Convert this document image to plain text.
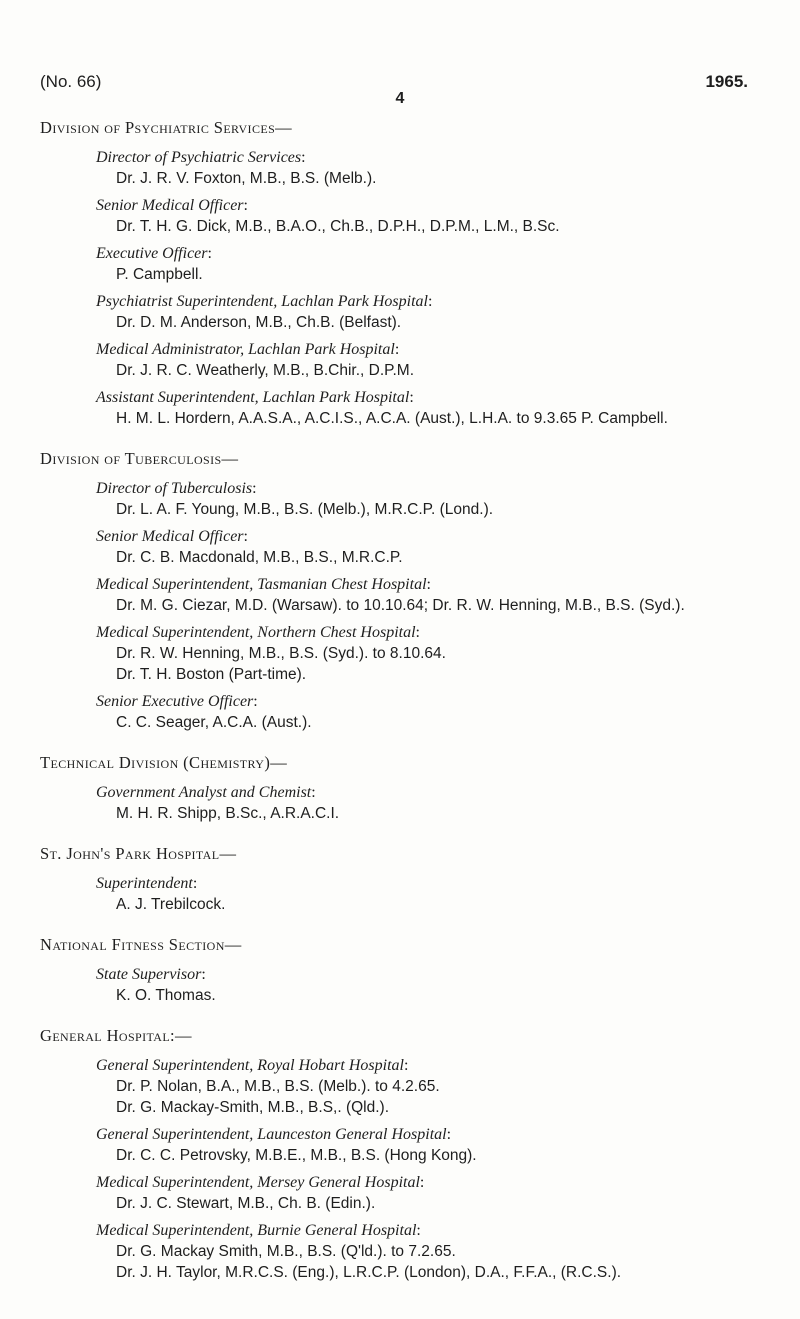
(No. 66)
4
1965.
Division of Psychiatric Services—
Director of Psychiatric Services :
Dr. J. R. V. Foxton, M.B., B.S. (Melb.).
Senior Medical Officer :
Dr. T. H. G. Dick, M.B., B.A.O., Ch.B., D.P.H., D.P.M., L.M., B.Sc.
Executive Officer :
P. Campbell.
Psychiatrist Superintendent, Lachlan Park Hospital :
Dr. D. M. Anderson, M.B., Ch.B. (Belfast).
Medical Administrator, Lachlan Park Hospital :
Dr. J. R. C. Weatherly, M.B., B.Chir., D.P.M.
Assistant Superintendent, Lachlan Park Hospital :
H. M. L. Hordern, A.A.S.A., A.C.I.S., A.C.A. (Aust.), L.H.A. to 9.3.65 P. Campbell.
Division of Tuberculosis—
Director of Tuberculosis :
Dr. L. A. F. Young, M.B., B.S. (Melb.), M.R.C.P. (Lond.).
Senior Medical Officer :
Dr. C. B. Macdonald, M.B., B.S., M.R.C.P.
Medical Superintendent, Tasmanian Chest Hospital :
Dr. M. G. Ciezar, M.D. (Warsaw). to 10.10.64; Dr. R. W. Henning, M.B., B.S. (Syd.).
Medical Superintendent, Northern Chest Hospital :
Dr. R. W. Henning, M.B., B.S. (Syd.). to 8.10.64.
Dr. T. H. Boston (Part-time).
Senior Executive Officer :
C. C. Seager, A.C.A. (Aust.).
Technical Division (Chemistry)—
Government Analyst and Chemist :
M. H. R. Shipp, B.Sc., A.R.A.C.I.
St. John's Park Hospital—
Superintendent :
A. J. Trebilcock.
National Fitness Section—
State Supervisor :
K. O. Thomas.
General Hospital:—
General Superintendent, Royal Hobart Hospital :
Dr. P. Nolan, B.A., M.B., B.S. (Melb.). to 4.2.65.
Dr. G. Mackay-Smith, M.B., B.S,. (Qld.).
General Superintendent, Launceston General Hospital :
Dr. C. C. Petrovsky, M.B.E., M.B., B.S. (Hong Kong).
Medical Superintendent, Mersey General Hospital :
Dr. J. C. Stewart, M.B., Ch. B. (Edin.).
Medical Superintendent, Burnie General Hospital :
Dr. G. Mackay Smith, M.B., B.S. (Q'ld.). to 7.2.65.
Dr. J. H. Taylor, M.R.C.S. (Eng.), L.R.C.P. (London), D.A., F.F.A., (R.C.S.).
